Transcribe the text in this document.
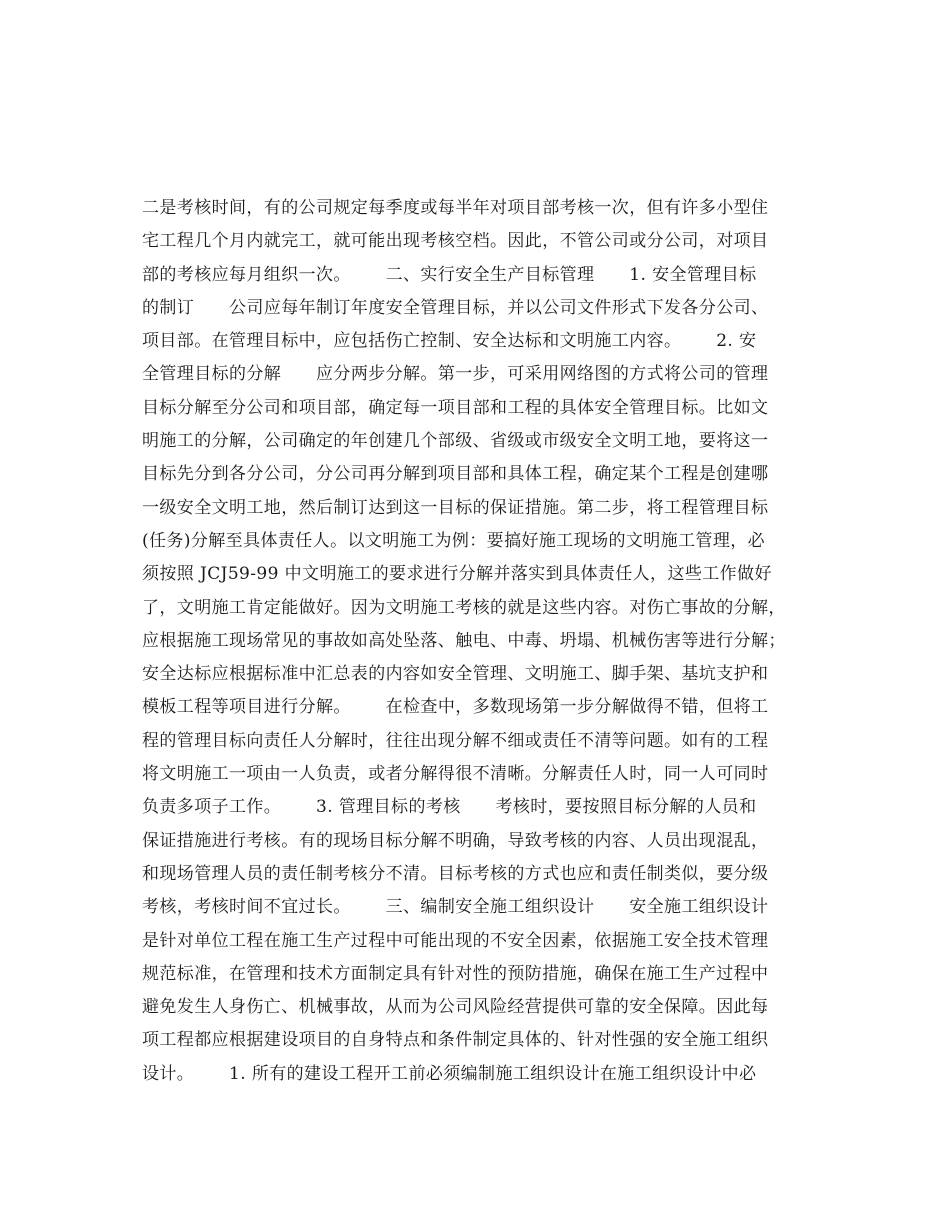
二是考核时间，有的公司规定每季度或每半年对项目部考核一次，但有许多小型住
宅工程几个月内就完工，就可能出现考核空档。因此，不管公司或分公司，对项目
部的考核应每月组织一次。      二、实行安全生产目标管理      1. 安全管理目标
的制订      公司应每年制订年度安全管理目标，并以公司文件形式下发各分公司、
项目部。在管理目标中，应包括伤亡控制、安全达标和文明施工内容。      2. 安
全管理目标的分解      应分两步分解。第一步，可采用网络图的方式将公司的管理
目标分解至分公司和项目部，确定每一项目部和工程的具体安全管理目标。比如文
明施工的分解，公司确定的年创建几个部级、省级或市级安全文明工地，要将这一
目标先分到各分公司，分公司再分解到项目部和具体工程，确定某个工程是创建哪
一级安全文明工地，然后制订达到这一目标的保证措施。第二步，将工程管理目标
(任务)分解至具体责任人。以文明施工为例：要搞好施工现场的文明施工管理，必
须按照 JCJ59-99 中文明施工的要求进行分解并落实到具体责任人，这些工作做好
了，文明施工肯定能做好。因为文明施工考核的就是这些内容。对伤亡事故的分解，
应根据施工现场常见的事故如高处坠落、触电、中毒、坍塌、机械伤害等进行分解；
安全达标应根据标准中汇总表的内容如安全管理、文明施工、脚手架、基坑支护和
模板工程等项目进行分解。      在检查中，多数现场第一步分解做得不错，但将工
程的管理目标向责任人分解时，往往出现分解不细或责任不清等问题。如有的工程
将文明施工一项由一人负责，或者分解得很不清晰。分解责任人时，同一人可同时
负责多项子工作。      3. 管理目标的考核      考核时，要按照目标分解的人员和
保证措施进行考核。有的现场目标分解不明确，导致考核的内容、人员出现混乱，
和现场管理人员的责任制考核分不清。目标考核的方式也应和责任制类似，要分级
考核，考核时间不宜过长。      三、编制安全施工组织设计      安全施工组织设计
是针对单位工程在施工生产过程中可能出现的不安全因素，依据施工安全技术管理
规范标准，在管理和技术方面制定具有针对性的预防措施，确保在施工生产过程中
避免发生人身伤亡、机械事故，从而为公司风险经营提供可靠的安全保障。因此每
项工程都应根据建设项目的自身特点和条件制定具体的、针对性强的安全施工组织
设计。      1. 所有的建设工程开工前必须编制施工组织设计在施工组织设计中必
